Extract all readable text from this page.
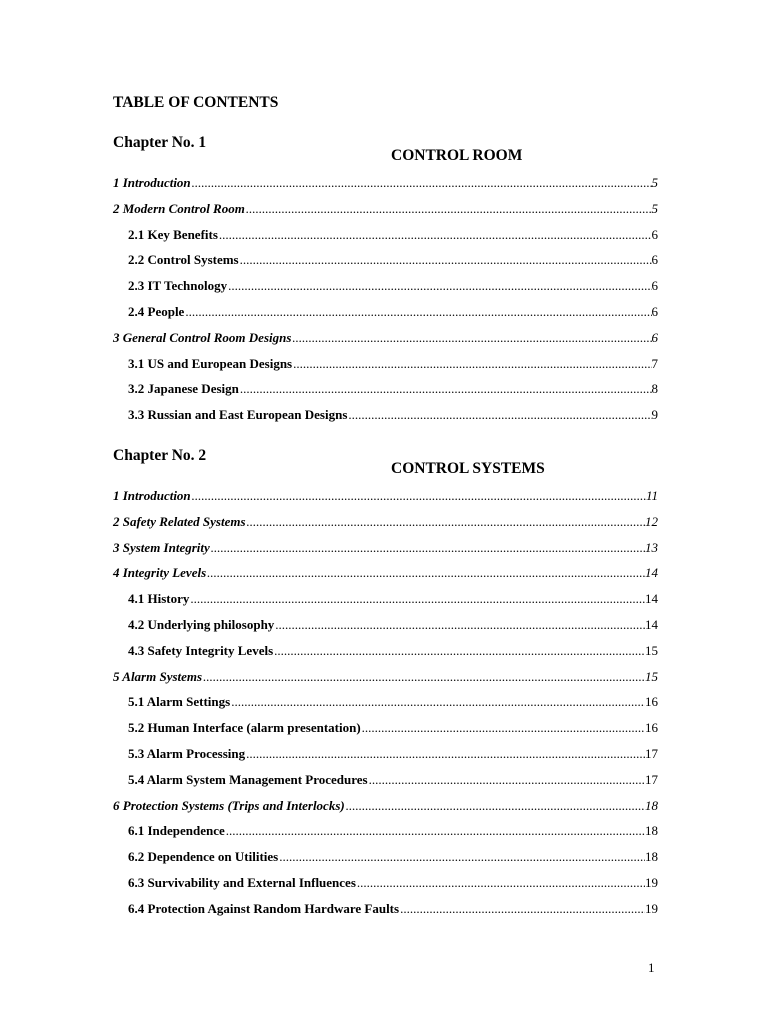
TABLE OF CONTENTS
Chapter No. 1
CONTROL ROOM
1 Introduction .....	5
2 Modern Control Room .....	5
2.1 Key Benefits .....	6
2.2 Control Systems .....	6
2.3 IT Technology .....	6
2.4 People .....	6
3 General Control Room Designs .....	6
3.1 US and European Designs .....	7
3.2 Japanese Design .....	8
3.3 Russian and East European Designs .....	9
Chapter No. 2
CONTROL SYSTEMS
1 Introduction .....	11
2 Safety Related Systems .....	12
3 System Integrity .....	13
4 Integrity Levels .....	14
4.1 History .....	14
4.2 Underlying philosophy .....	14
4.3 Safety Integrity Levels .....	15
5 Alarm Systems .....	15
5.1 Alarm Settings .....	16
5.2 Human Interface (alarm presentation) .....	16
5.3 Alarm Processing .....	17
5.4 Alarm System Management Procedures .....	17
6 Protection Systems (Trips and Interlocks) .....	18
6.1 Independence .....	18
6.2 Dependence on Utilities .....	18
6.3 Survivability and External Influences .....	19
6.4 Protection Against Random Hardware Faults .....	19
1
